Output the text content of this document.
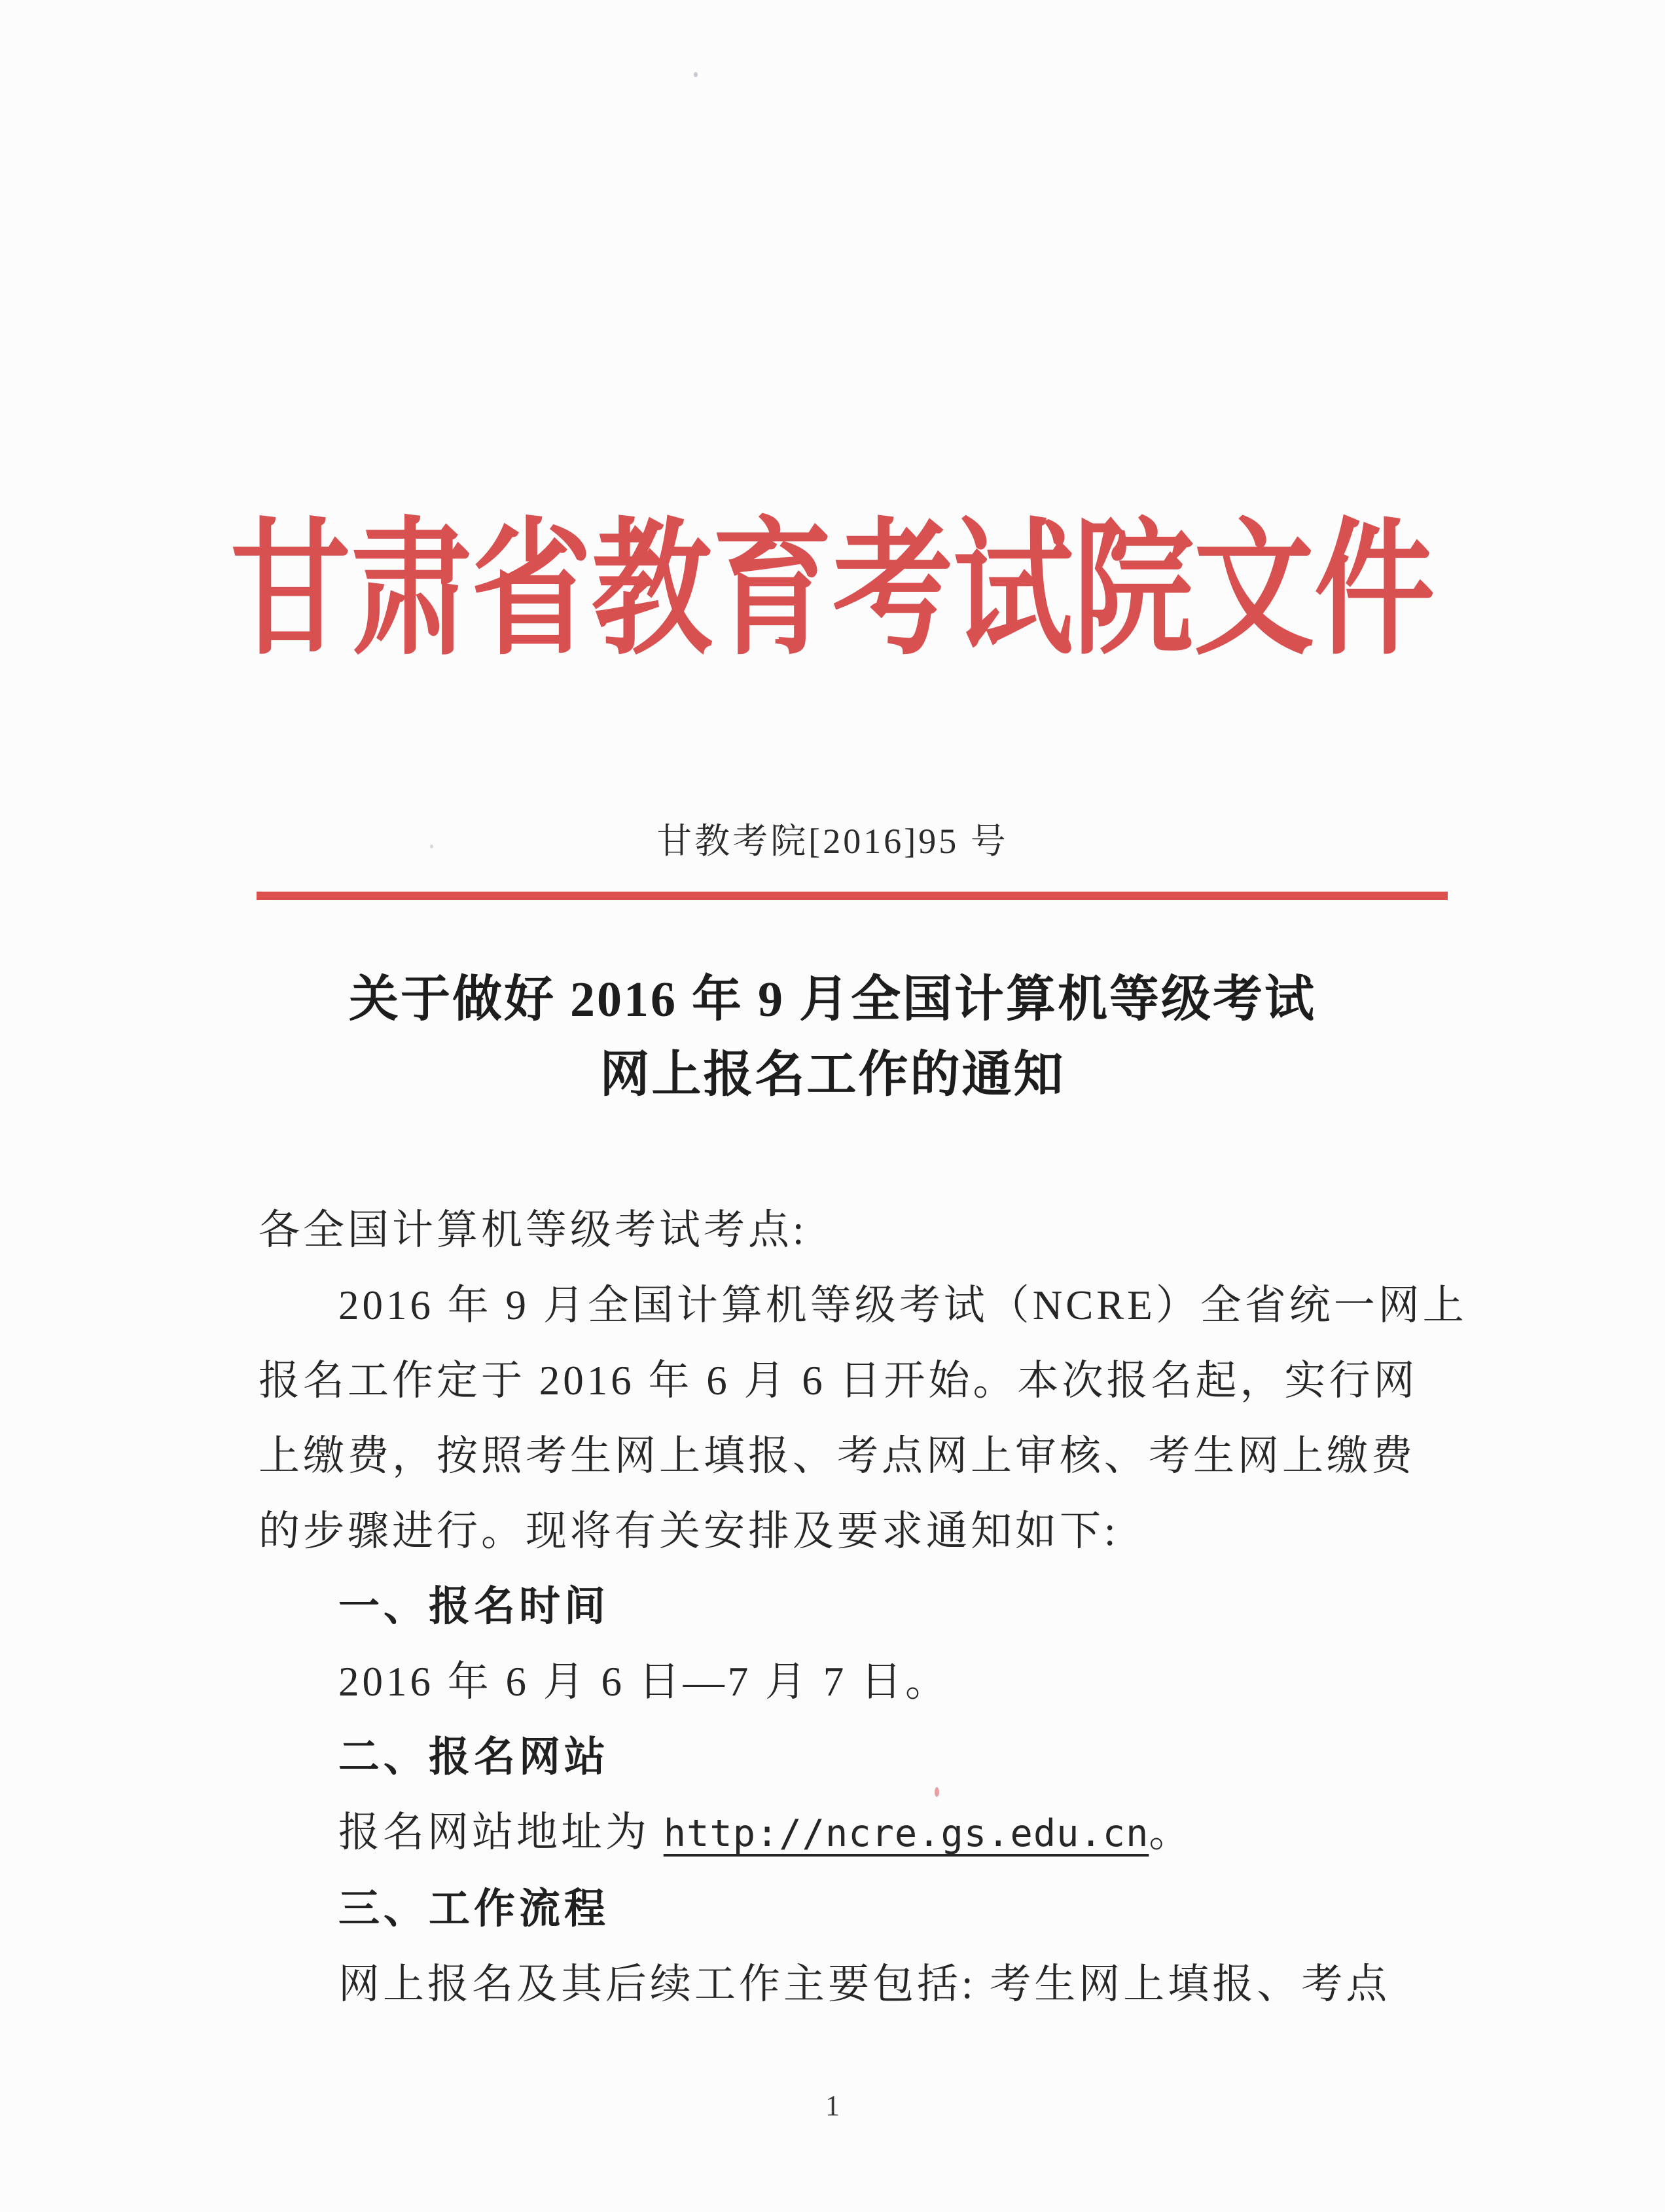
甘肃省教育考试院文件
甘教考院[2016]95 号
关于做好 2016 年 9 月全国计算机等级考试
网上报名工作的通知
各全国计算机等级考试考点:
2016 年 9 月全国计算机等级考试（NCRE）全省统一网上
报名工作定于 2016 年 6 月 6 日开始。本次报名起，实行网
上缴费，按照考生网上填报、考点网上审核、考生网上缴费
的步骤进行。现将有关安排及要求通知如下:
一、报名时间
2016 年 6 月 6 日—7 月 7 日。
二、报名网站
报名网站地址为 http://ncre.gs.edu.cn。
三、工作流程
网上报名及其后续工作主要包括: 考生网上填报、考点
1
